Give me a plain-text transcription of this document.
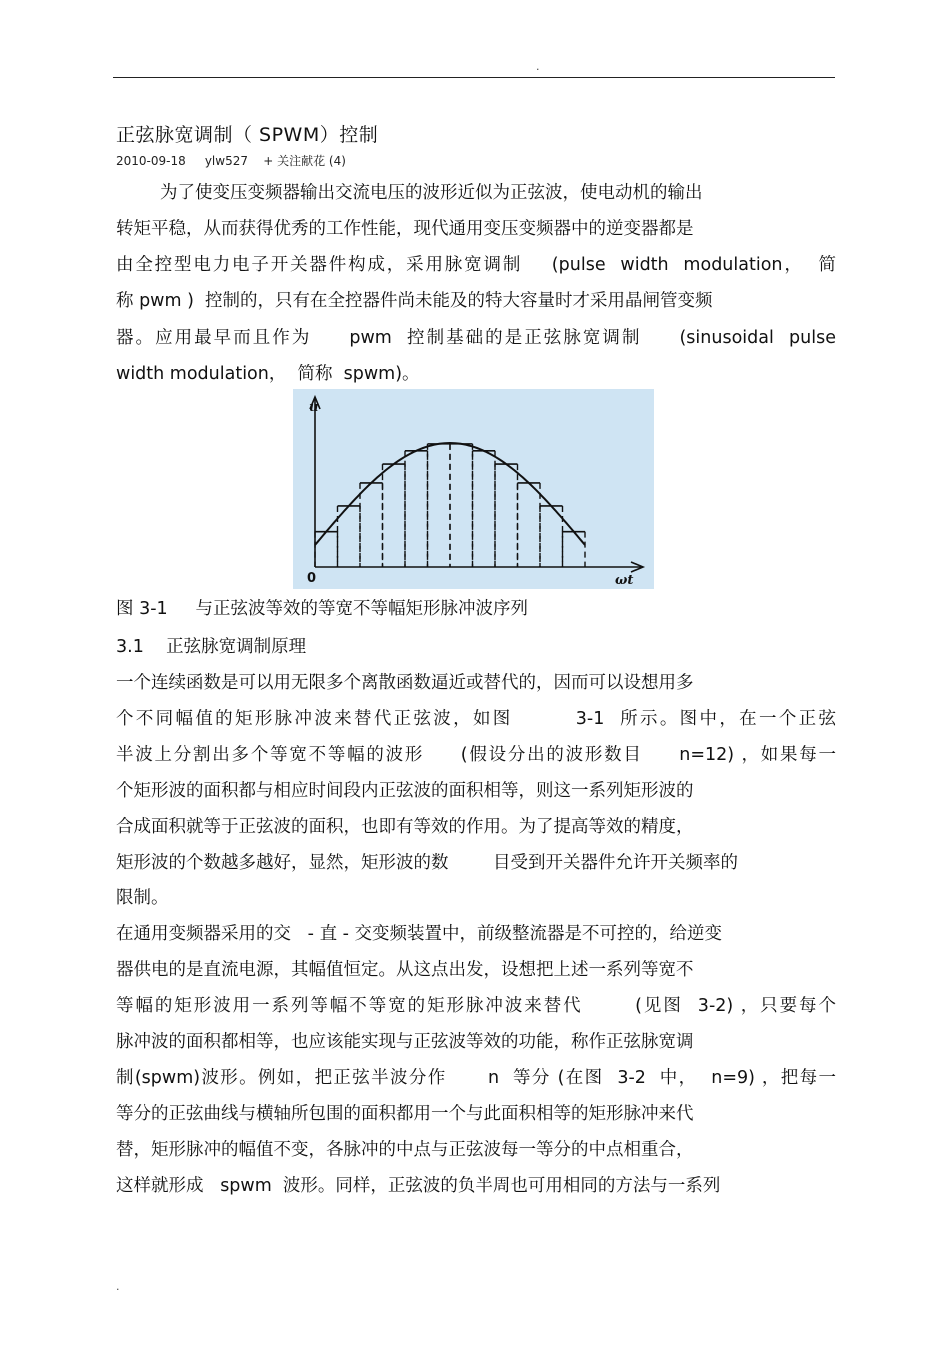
.
正弦脉宽调制（ SPWM）控制
2010-09-18 ylw527 + 关注献花 (4)
为了使变压变频器输出交流电压的波形近似为正弦波，使电动机的输出
转矩平稳，从而获得优秀的工作性能，现代通用变压变频器中的逆变器都是
由全控型电力电子开关器件构成，采用脉宽调制    (pulse  width  modulation，  简
称 pwm )  控制的，只有在全控器件尚未能及的特大容量时才采用晶闸管变频
器。应用最早而且作为     pwm  控制基础的是正弦脉宽调制     (sinusoidal  pulse
width modulation，  简称  spwm)。
u
0	ωt
图 3-1     与正弦波等效的等宽不等幅矩形脉冲波序列
3.1    正弦脉宽调制原理
一个连续函数是可以用无限多个离散函数逼近或替代的，因而可以设想用多
个不同幅值的矩形脉冲波来替代正弦波，如图        3-1  所示。图中，在一个正弦
半波上分割出多个等宽不等幅的波形     (假设分出的波形数目     n=12) ，如果每一
个矩形波的面积都与相应时间段内正弦波的面积相等，则这一系列矩形波的
合成面积就等于正弦波的面积，也即有等效的作用。为了提高等效的精度，
矩形波的个数越多越好，显然，矩形波的数        目受到开关器件允许开关频率的
限制。
在通用变频器采用的交   - 直 - 交变频装置中，前级整流器是不可控的，给逆变
器供电的是直流电源，其幅值恒定。从这点出发，设想把上述一系列等宽不
等幅的矩形波用一系列等幅不等宽的矩形脉冲波来替代       (见图  3-2) ，只要每个
脉冲波的面积都相等，也应该能实现与正弦波等效的功能，称作正弦脉宽调
制(spwm)波形。例如，把正弦半波分作      n  等分 (在图  3-2  中，  n=9) ，把每一
等分的正弦曲线与横轴所包围的面积都用一个与此面积相等的矩形脉冲来代
替，矩形脉冲的幅值不变，各脉冲的中点与正弦波每一等分的中点相重合，
这样就形成   spwm  波形。同样，正弦波的负半周也可用相同的方法与一系列
.
